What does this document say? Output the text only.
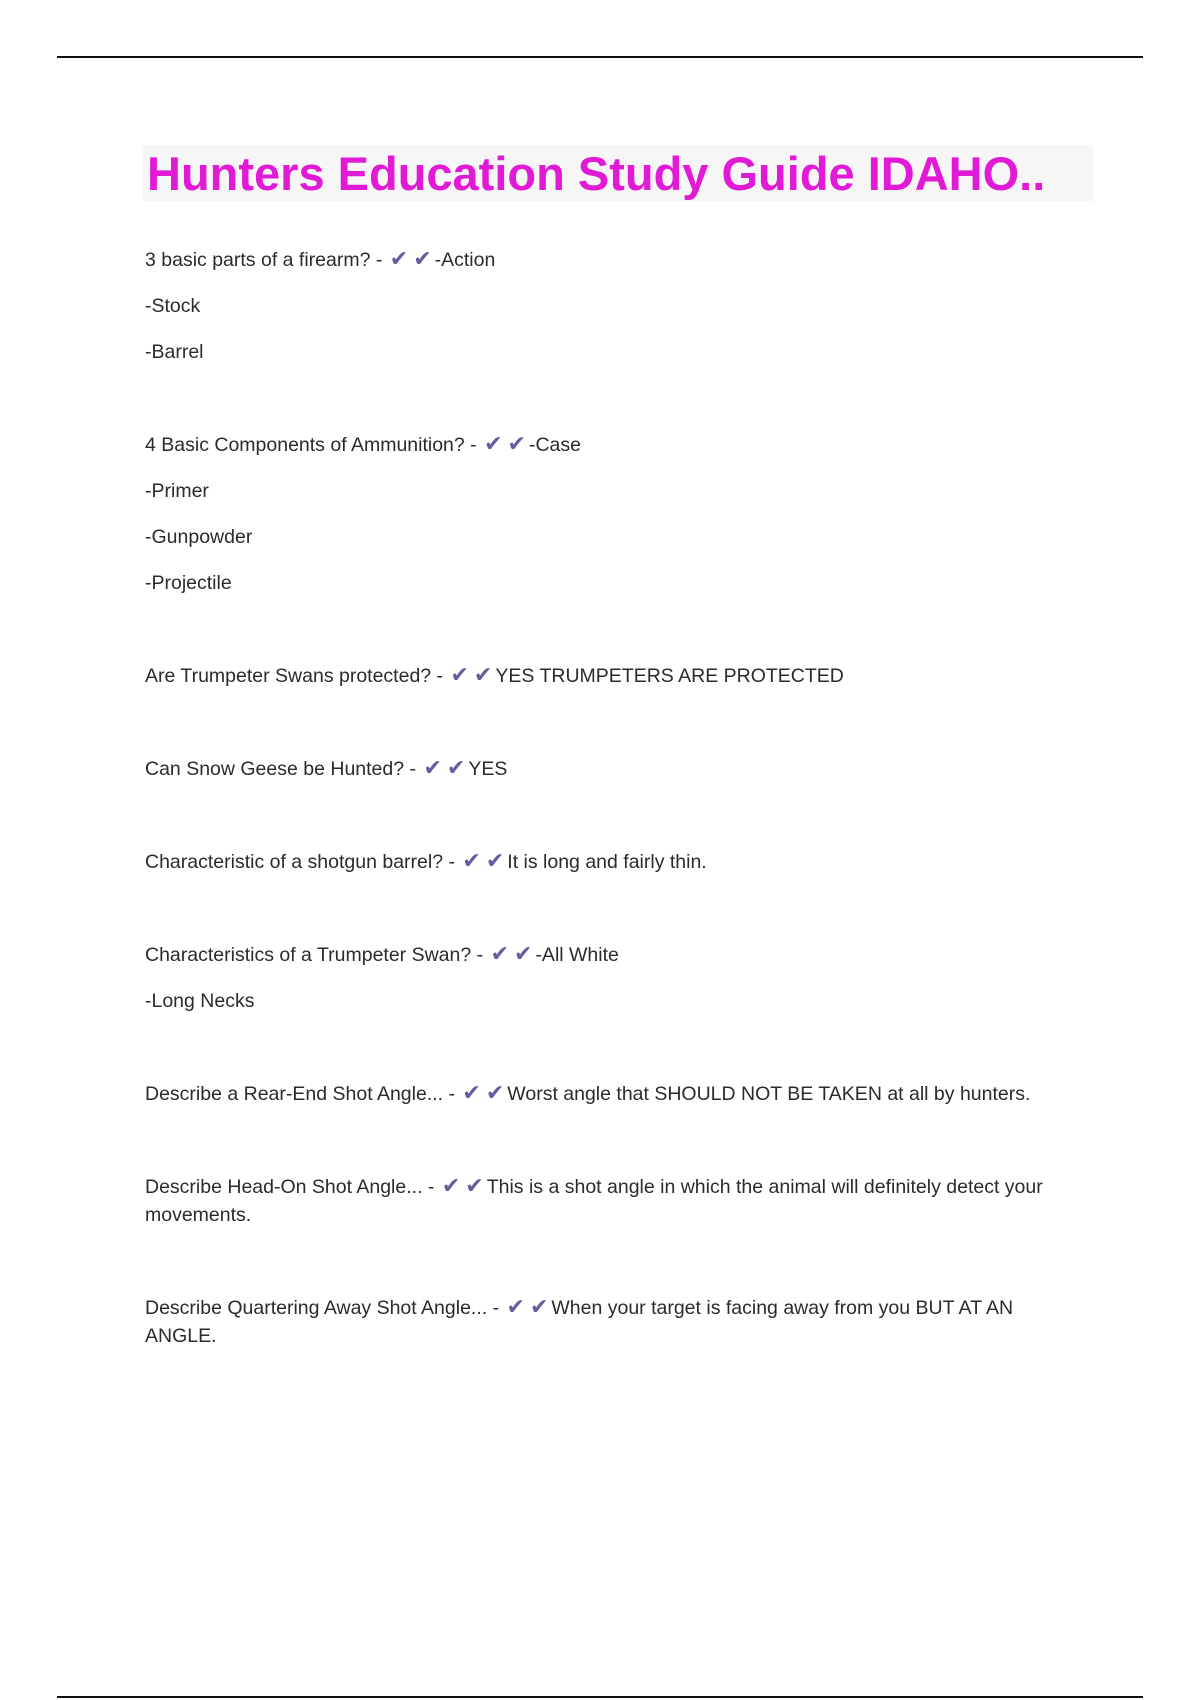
Hunters Education Study Guide IDAHO..

3 basic parts of a firearm? - ✔ ✔ -Action

-Stock

-Barrel

4 Basic Components of Ammunition? - ✔ ✔ -Case

-Primer

-Gunpowder

-Projectile

Are Trumpeter Swans protected? - ✔ ✔ YES TRUMPETERS ARE PROTECTED

Can Snow Geese be Hunted? - ✔ ✔ YES

Characteristic of a shotgun barrel? - ✔ ✔ It is long and fairly thin.

Characteristics of a Trumpeter Swan? - ✔ ✔ -All White

-Long Necks

Describe a Rear-End Shot Angle... - ✔ ✔ Worst angle that SHOULD NOT BE TAKEN at all by hunters.

Describe Head-On Shot Angle... - ✔ ✔ This is a shot angle in which the animal will definitely detect your movements.

Describe Quartering Away Shot Angle... - ✔ ✔ When your target is facing away from you BUT AT AN ANGLE.
